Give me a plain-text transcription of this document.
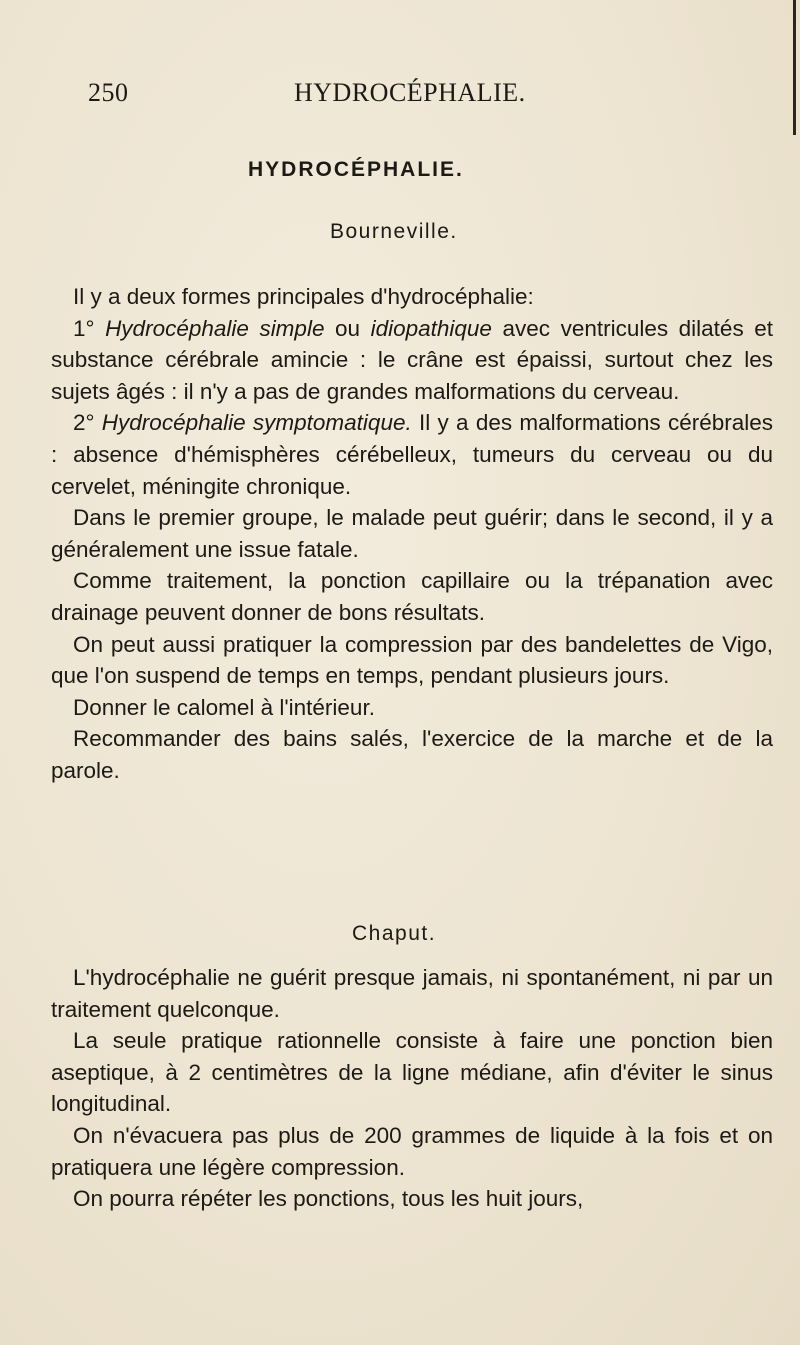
250	HYDROCÉPHALIE.
HYDROCÉPHALIE.
Bourneville.

Il y a deux formes principales d'hydrocéphalie:

1° Hydrocéphalie simple ou idiopathique avec ventricules dilatés et substance cérébrale amincie : le crâne est épaissi, surtout chez les sujets âgés : il n'y a pas de grandes malformations du cerveau.

2° Hydrocéphalie symptomatique. Il y a des malformations cérébrales : absence d'hémisphères cérébelleux, tumeurs du cerveau ou du cervelet, méningite chronique.

Dans le premier groupe, le malade peut guérir; dans le second, il y a généralement une issue fatale.

Comme traitement, la ponction capillaire ou la trépanation avec drainage peuvent donner de bons résultats.

On peut aussi pratiquer la compression par des bandelettes de Vigo, que l'on suspend de temps en temps, pendant plusieurs jours.

Donner le calomel à l'intérieur.

Recommander des bains salés, l'exercice de la marche et de la parole.

Chaput.

L'hydrocéphalie ne guérit presque jamais, ni spontanément, ni par un traitement quelconque.

La seule pratique rationnelle consiste à faire une ponction bien aseptique, à 2 centimètres de la ligne médiane, afin d'éviter le sinus longitudinal.

On n'évacuera pas plus de 200 grammes de liquide à la fois et on pratiquera une légère compression.

On pourra répéter les ponctions, tous les huit jours,
